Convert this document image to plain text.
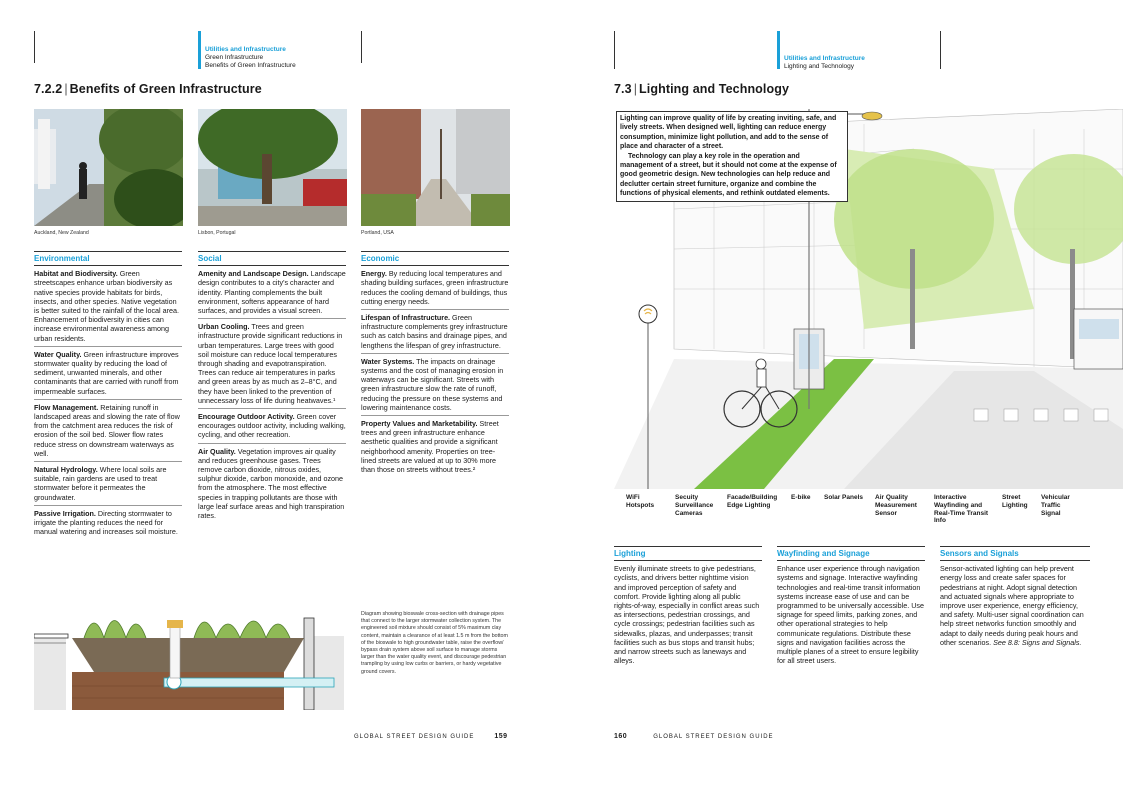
Utilities and Infrastructure
Green Infrastructure
Benefits of Green Infrastructure
7.2.2 | Benefits of Green Infrastructure
Auckland, New Zealand	Lisbon, Portugal	Portland, USA
Environmental
Habitat and Biodiversity. Green streetscapes enhance urban biodiversity as native species provide habitats for birds, insects, and other species. Native vegetation is better suited to the rainfall of the local area. Enhancement of biodiversity in cities can increase environmental awareness among urban residents.
Water Quality. Green infrastructure improves stormwater quality by reducing the load of sediment, unwanted minerals, and other contaminants that are carried with runoff from impermeable surfaces.
Flow Management. Retaining runoff in landscaped areas and slowing the rate of flow from the catchment area reduces the risk of erosion of the soil bed. Slower flow rates reduce stress on downstream waterways as well.
Natural Hydrology. Where local soils are suitable, rain gardens are used to treat stormwater before it permeates the groundwater.
Passive Irrigation. Directing stormwater to irrigate the planting reduces the need for manual watering and increases soil moisture.
Social
Amenity and Landscape Design. Landscape design contributes to a city's character and identity. Planting complements the built environment, softens appearance of hard surfaces, and provides a visual screen.
Urban Cooling. Trees and green infrastructure provide significant reductions in urban temperatures. Large trees with good soil moisture can reduce local temperatures through shading and evapotranspiration. Trees can reduce air temperatures in parks and green areas by as much as 2–8°C, and they have been linked to the prevention of unnecessary loss of life during heatwaves.¹
Encourage Outdoor Activity. Green cover encourages outdoor activity, including walking, cycling, and other recreation.
Air Quality. Vegetation improves air quality and reduces greenhouse gases. Trees remove carbon dioxide, nitrous oxides, sulphur dioxide, carbon monoxide, and ozone from the atmosphere. The most effective species in trapping pollutants are those with large leaf surface areas and high transpiration rates.
Economic
Energy. By reducing local temperatures and shading building surfaces, green infrastructure reduces the cooling demand of buildings, thus cutting energy needs.
Lifespan of Infrastructure. Green infrastructure complements grey infrastructure such as catch basins and drainage pipes, and lengthens the lifespan of grey infrastructure.
Water Systems. The impacts on drainage systems and the cost of managing erosion in waterways can be significant. Streets with green infrastructure slow the rate of runoff, reducing the pressure on these systems and lowering maintenance costs.
Property Values and Marketability. Street trees and green infrastructure enhance aesthetic qualities and provide a significant neighborhood amenity. Properties on tree-lined streets are valued at up to 30% more than those on streets without trees.²
Diagram showing bioswale cross-section with drainage pipes that connect to the larger stormwater collection system. The engineered soil mixture should consist of 5% maximum clay content, maintain a clearance of at least 1.5 m from the bottom of the bioswale to high groundwater table, raise the overflow/ bypass drain system above soil surface to manage storms larger than the water quality event, and discourage pedestrian trampling by using low curbs or barriers, or hardy vegetative ground covers.
GLOBAL STREET DESIGN GUIDE	159
Utilities and Infrastructure
Lighting and Technology
7.3 | Lighting and Technology

Lighting can improve quality of life by creating inviting, safe, and lively streets. When designed well, lighting can reduce energy consumption, minimize light pollution, and add to the sense of place and character of a street.

Technology can play a key role in the operation and management of a street, but it should not come at the expense of good geometric design. New technologies can help reduce and declutter certain street furniture, organize and combine the functions of physical elements, and rethink outdated elements.

WiFi Hotspots
Secuity Surveillance Cameras
Facade/Building Edge Lighting
E-bike	Solar Panels	Air Quality Measurement Sensor
Interactive Wayfinding and Real-Time Transit Info
Street Lighting
Vehicular Traffic Signal
Lighting
Evenly illuminate streets to give pedestrians, cyclists, and drivers better nighttime vision and improved perception of safety and comfort. Provide lighting along all public rights-of-way, especially in conflict areas such as intersections, pedestrian crossings, and cycle crossings; pedestrian facilities such as sidewalks, plazas, and underpasses; transit facilities such as bus stops and transit hubs; and narrow streets such as laneways and alleys.
Wayfinding and Signage
Enhance user experience through navigation systems and signage. Interactive wayfinding technologies and real-time transit information systems increase ease of use and can be programmed to be universally accessible. Use signage for speed limits, parking zones, and other operational strategies to help communicate regulations. Distribute these signs and navigation facilities across the multiple planes of a street to ensure legibility for all street users.
Sensors and Signals
Sensor-activated lighting can help prevent energy loss and create safer spaces for pedestrians at night. Adopt signal detection and actuated signals where appropriate to improve user experience, energy efficiency, and safety. Multi-user signal coordination can help street networks function smoothly and adapt to daily needs during peak hours and other scenarios. See 8.8: Signs and Signals.
160	GLOBAL STREET DESIGN GUIDE
